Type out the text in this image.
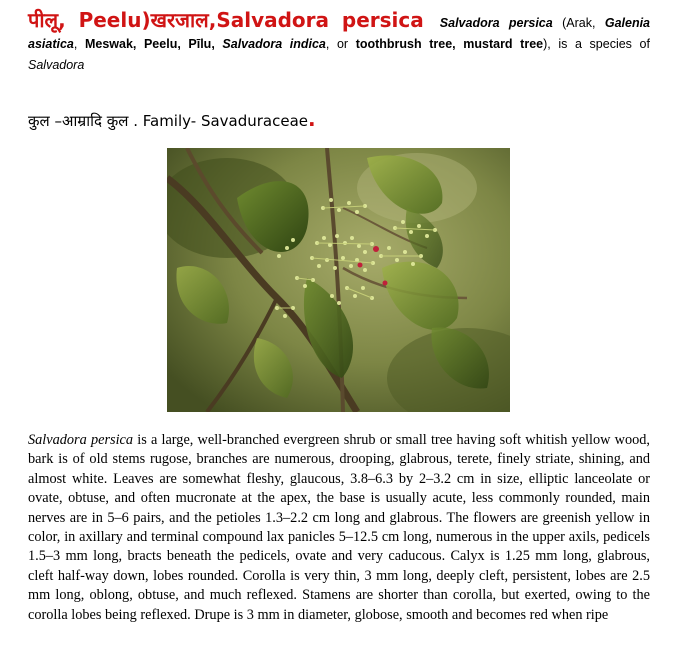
पीलू, Peelu)खरजाल,Salvadora persica Salvadora persica (Arak, Galenia asiatica, Meswak, Peelu, Pīlu, Salvadora indica, or toothbrush tree, mustard tree), is a species of Salvadora
कुल –आम्रादि कुल . Family- Savaduraceae.
Salvadora persica is a large, well-branched evergreen shrub or small tree having soft whitish yellow wood, bark is of old stems rugose, branches are numerous, drooping, glabrous, terete, finely striate, shining, and almost white. Leaves are somewhat fleshy, glaucous, 3.8–6.3 by 2–3.2 cm in size, elliptic lanceolate or ovate, obtuse, and often mucronate at the apex, the base is usually acute, less commonly rounded, main nerves are in 5–6 pairs, and the petioles 1.3–2.2 cm long and glabrous. The flowers are greenish yellow in color, in axillary and terminal compound lax panicles 5–12.5 cm long, numerous in the upper axils, pedicels 1.5–3 mm long, bracts beneath the pedicels, ovate and very caducous. Calyx is 1.25 mm long, glabrous, cleft half-way down, lobes rounded. Corolla is very thin, 3 mm long, deeply cleft, persistent, lobes are 2.5 mm long, oblong, obtuse, and much reflexed. Stamens are shorter than corolla, but exerted, owing to the corolla lobes being reflexed. Drupe is 3 mm in diameter, globose, smooth and becomes red when ripe
